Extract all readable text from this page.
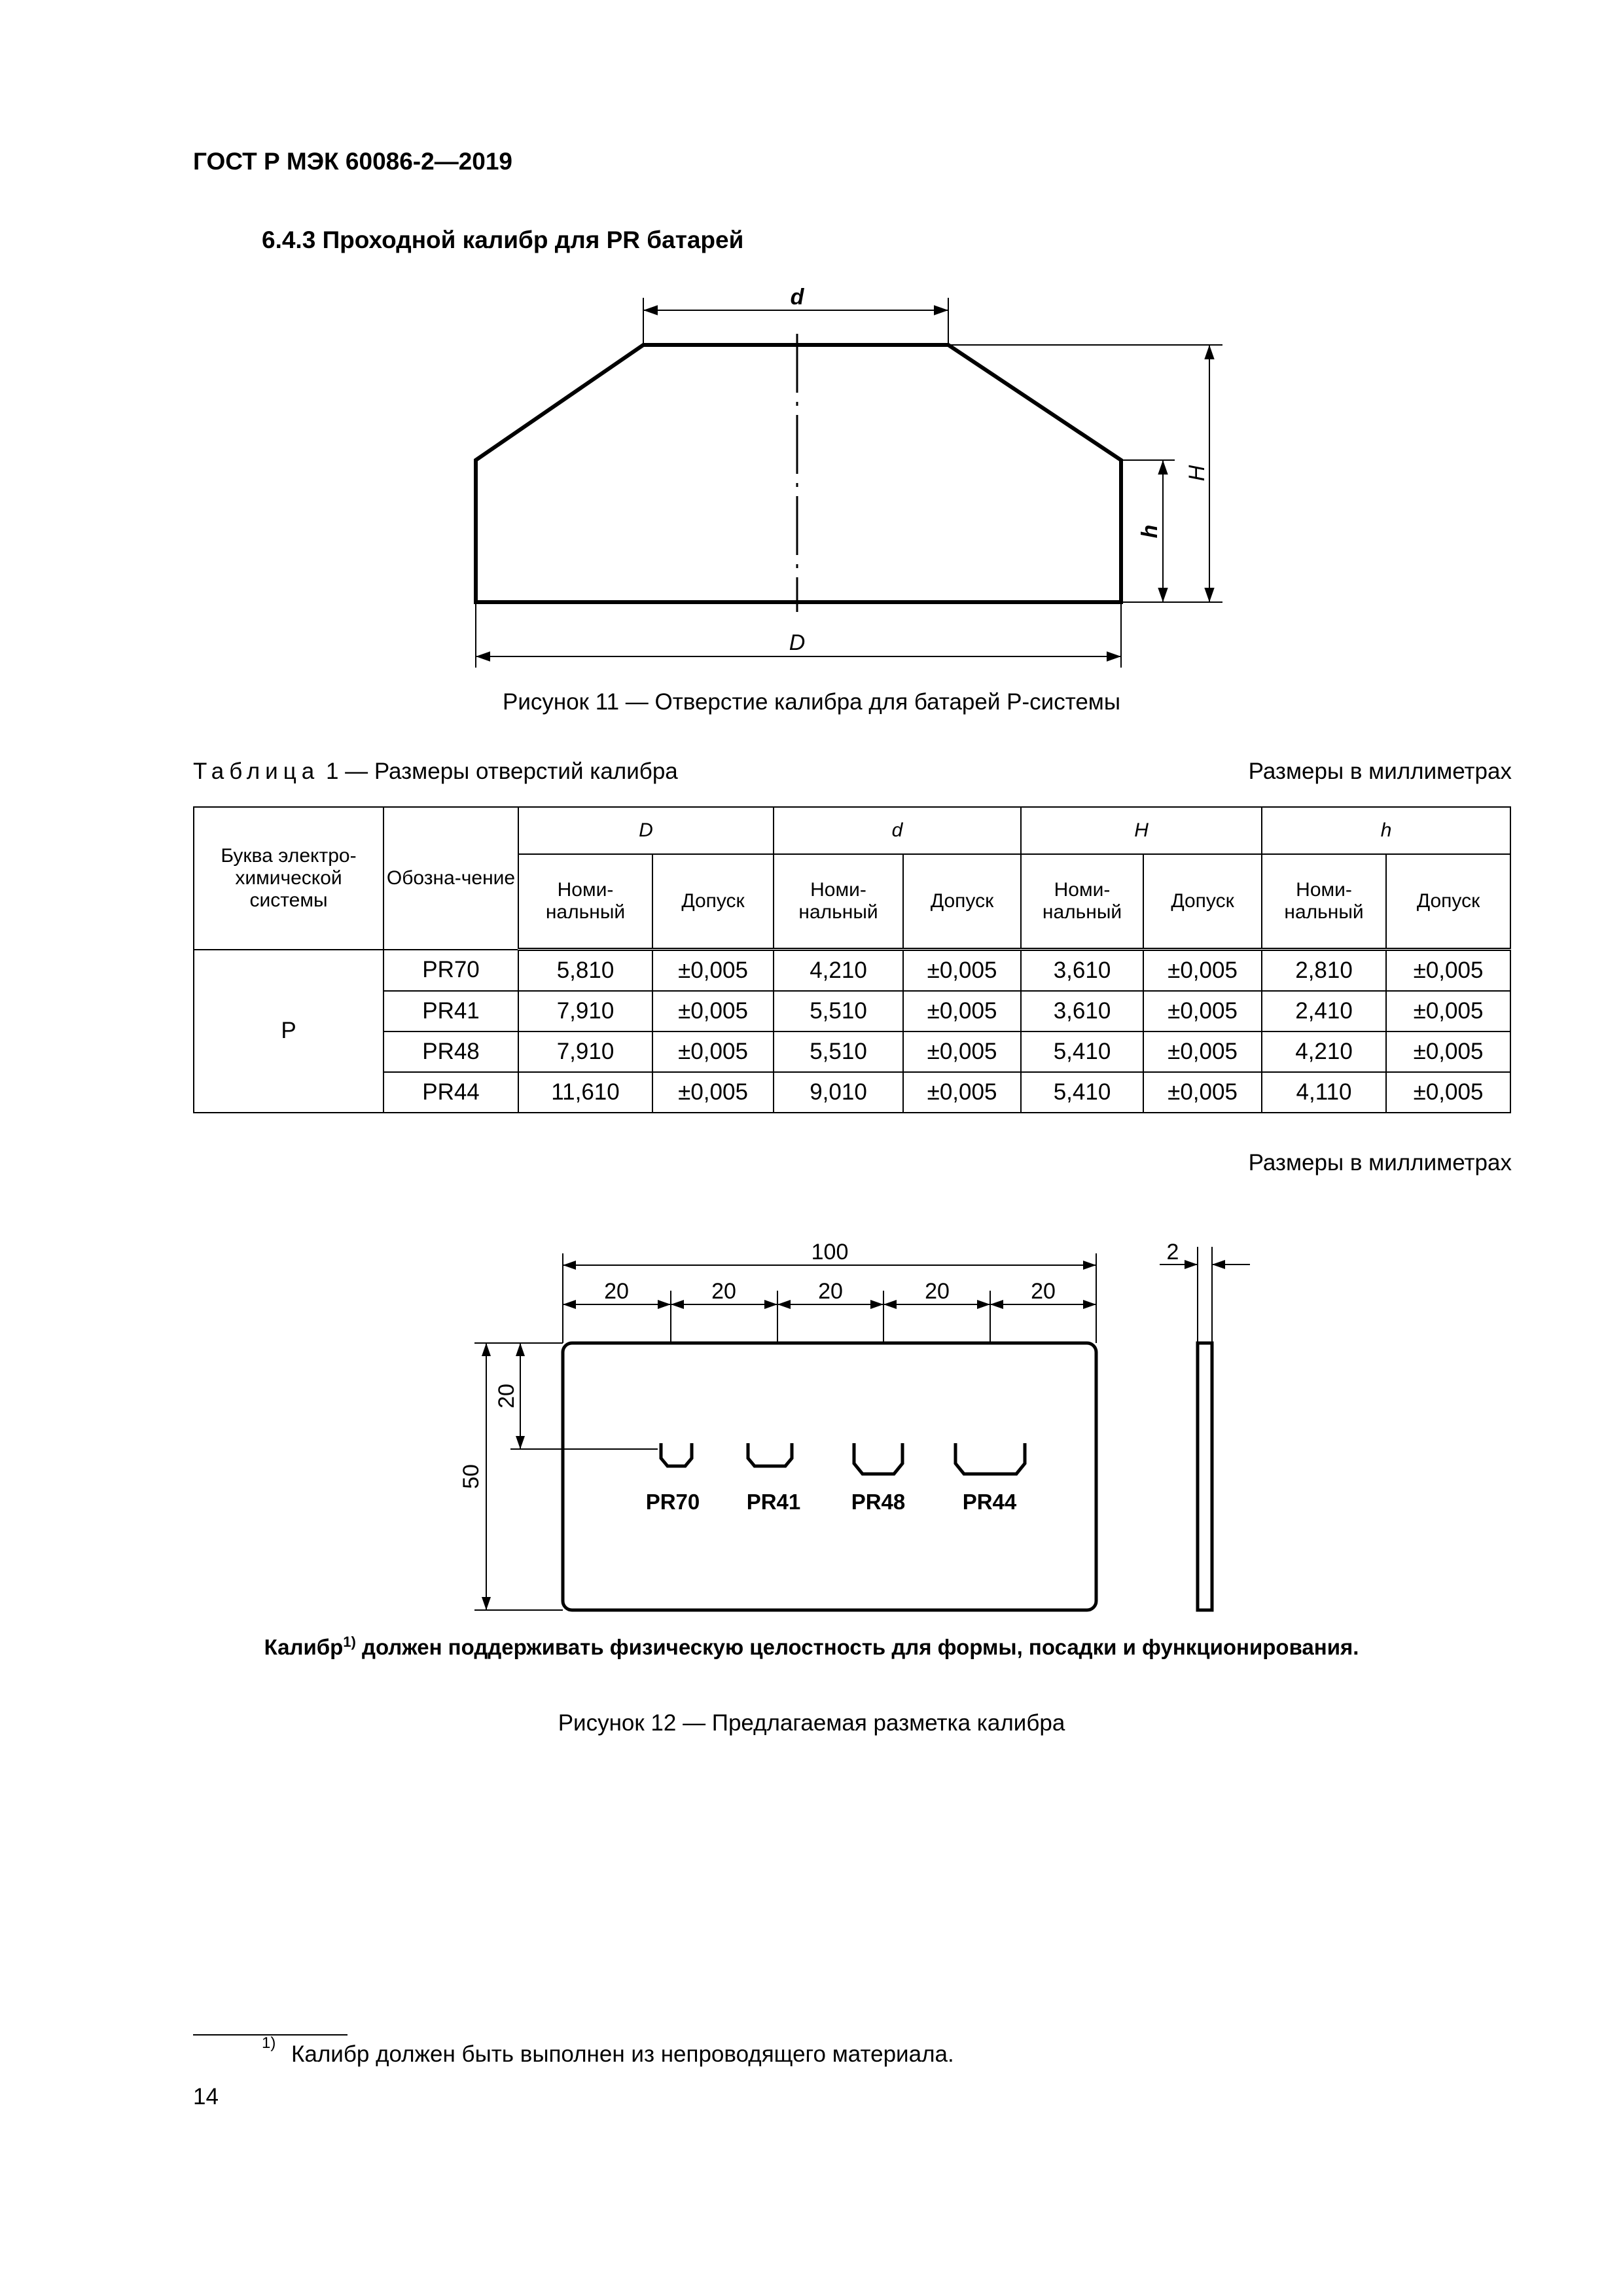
ГОСТ Р МЭК 60086-2—2019
6.4.3 Проходной калибр для PR батарей
d
D
h
H
Рисунок 11 — Отверстие калибра для батарей P-системы
Таблица 1 — Размеры отверстий калибра	Размеры в миллиметрах
Буква электро-химической системы	Обозна-чение	D		d		H		h	
		Номи-нальный	Допуск	Номи-нальный	Допуск	Номи-нальный	Допуск	Номи-нальный	Допуск
P	PR70	5,810	±0,005	4,210	±0,005	3,610	±0,005	2,810	±0,005
	PR41	7,910	±0,005	5,510	±0,005	3,610	±0,005	2,410	±0,005
	PR48	7,910	±0,005	5,510	±0,005	5,410	±0,005	4,210	±0,005
	PR44	11,610	±0,005	9,010	±0,005	5,410	±0,005	4,110	±0,005
Размеры в миллиметрах
100
20	20	20	20	20
2
50
20
PR70 PR41 PR48	PR44
Калибр$^{1)}$ должен поддерживать физическую целостность для формы, посадки и функционирования.
Рисунок 12 — Предлагаемая разметка калибра
1) Калибр должен быть выполнен из непроводящего материала.
14
